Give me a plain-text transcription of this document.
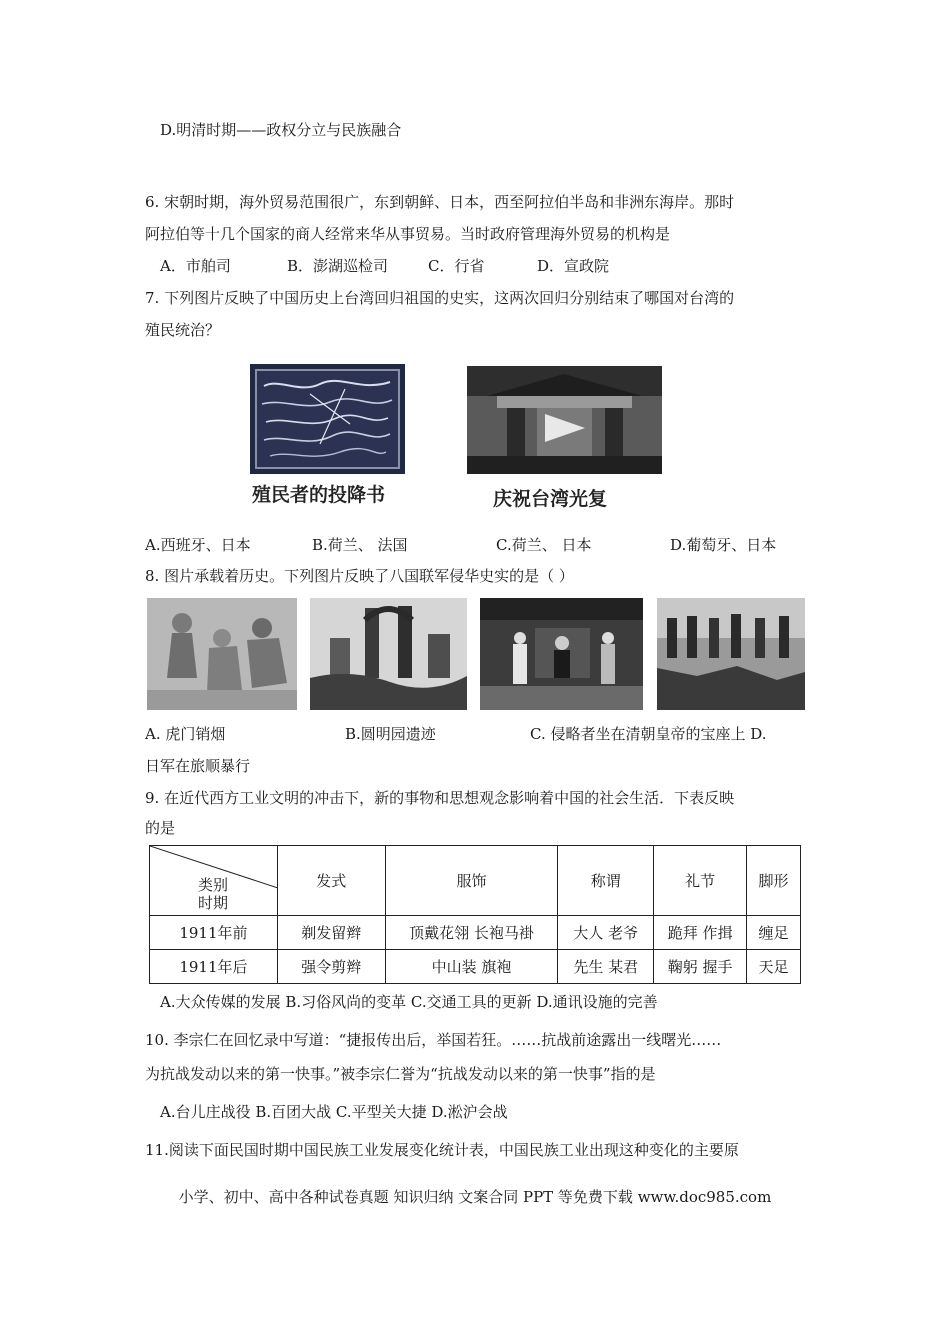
D.明清时期——政权分立与民族融合
6. 宋朝时期，海外贸易范围很广，东到朝鲜、日本，西至阿拉伯半岛和非洲东海岸。那时
阿拉伯等十几个国家的商人经常来华从事贸易。当时政府管理海外贸易的机构是
A．市舶司	B．澎湖巡检司	C．行省	D．宣政院
7. 下列图片反映了中国历史上台湾回归祖国的史实，这两次回归分别结束了哪国对台湾的
殖民统治？
殖民者的投降书	庆祝台湾光复
A.西班牙、日本	B.荷兰、 法国	C.荷兰、 日本	D.葡萄牙、日本
8. 图片承载着历史。下列图片反映了八国联军侵华史实的是（ ）
A. 虎门销烟	B.圆明园遗迹	C. 侵略者坐在清朝皇帝的宝座上 D.
日军在旅顺暴行
9. 在近代西方工业文明的冲击下，新的事物和思想观念影响着中国的社会生活．下表反映
的是
类别
时期	发式	服饰	称谓	礼节	脚形
1911年前	剃发留辫	顶戴花翎 长袍马褂	大人 老爷	跪拜 作揖	缠足
1911年后	强令剪辫	中山装 旗袍	先生 某君	鞠躬 握手	天足
A.大众传媒的发展 B.习俗风尚的变革 C.交通工具的更新 D.通讯设施的完善
10. 李宗仁在回忆录中写道：“捷报传出后，举国若狂。……抗战前途露出一线曙光……
为抗战发动以来的第一快事。”被李宗仁誉为“抗战发动以来的第一快事”指的是
A.台儿庄战役 B.百团大战 C.平型关大捷 D.淞沪会战
11.阅读下面民国时期中国民族工业发展变化统计表，中国民族工业出现这种变化的主要原
小学、初中、高中各种试卷真题 知识归纳 文案合同 PPT 等免费下载 www.doc985.com
